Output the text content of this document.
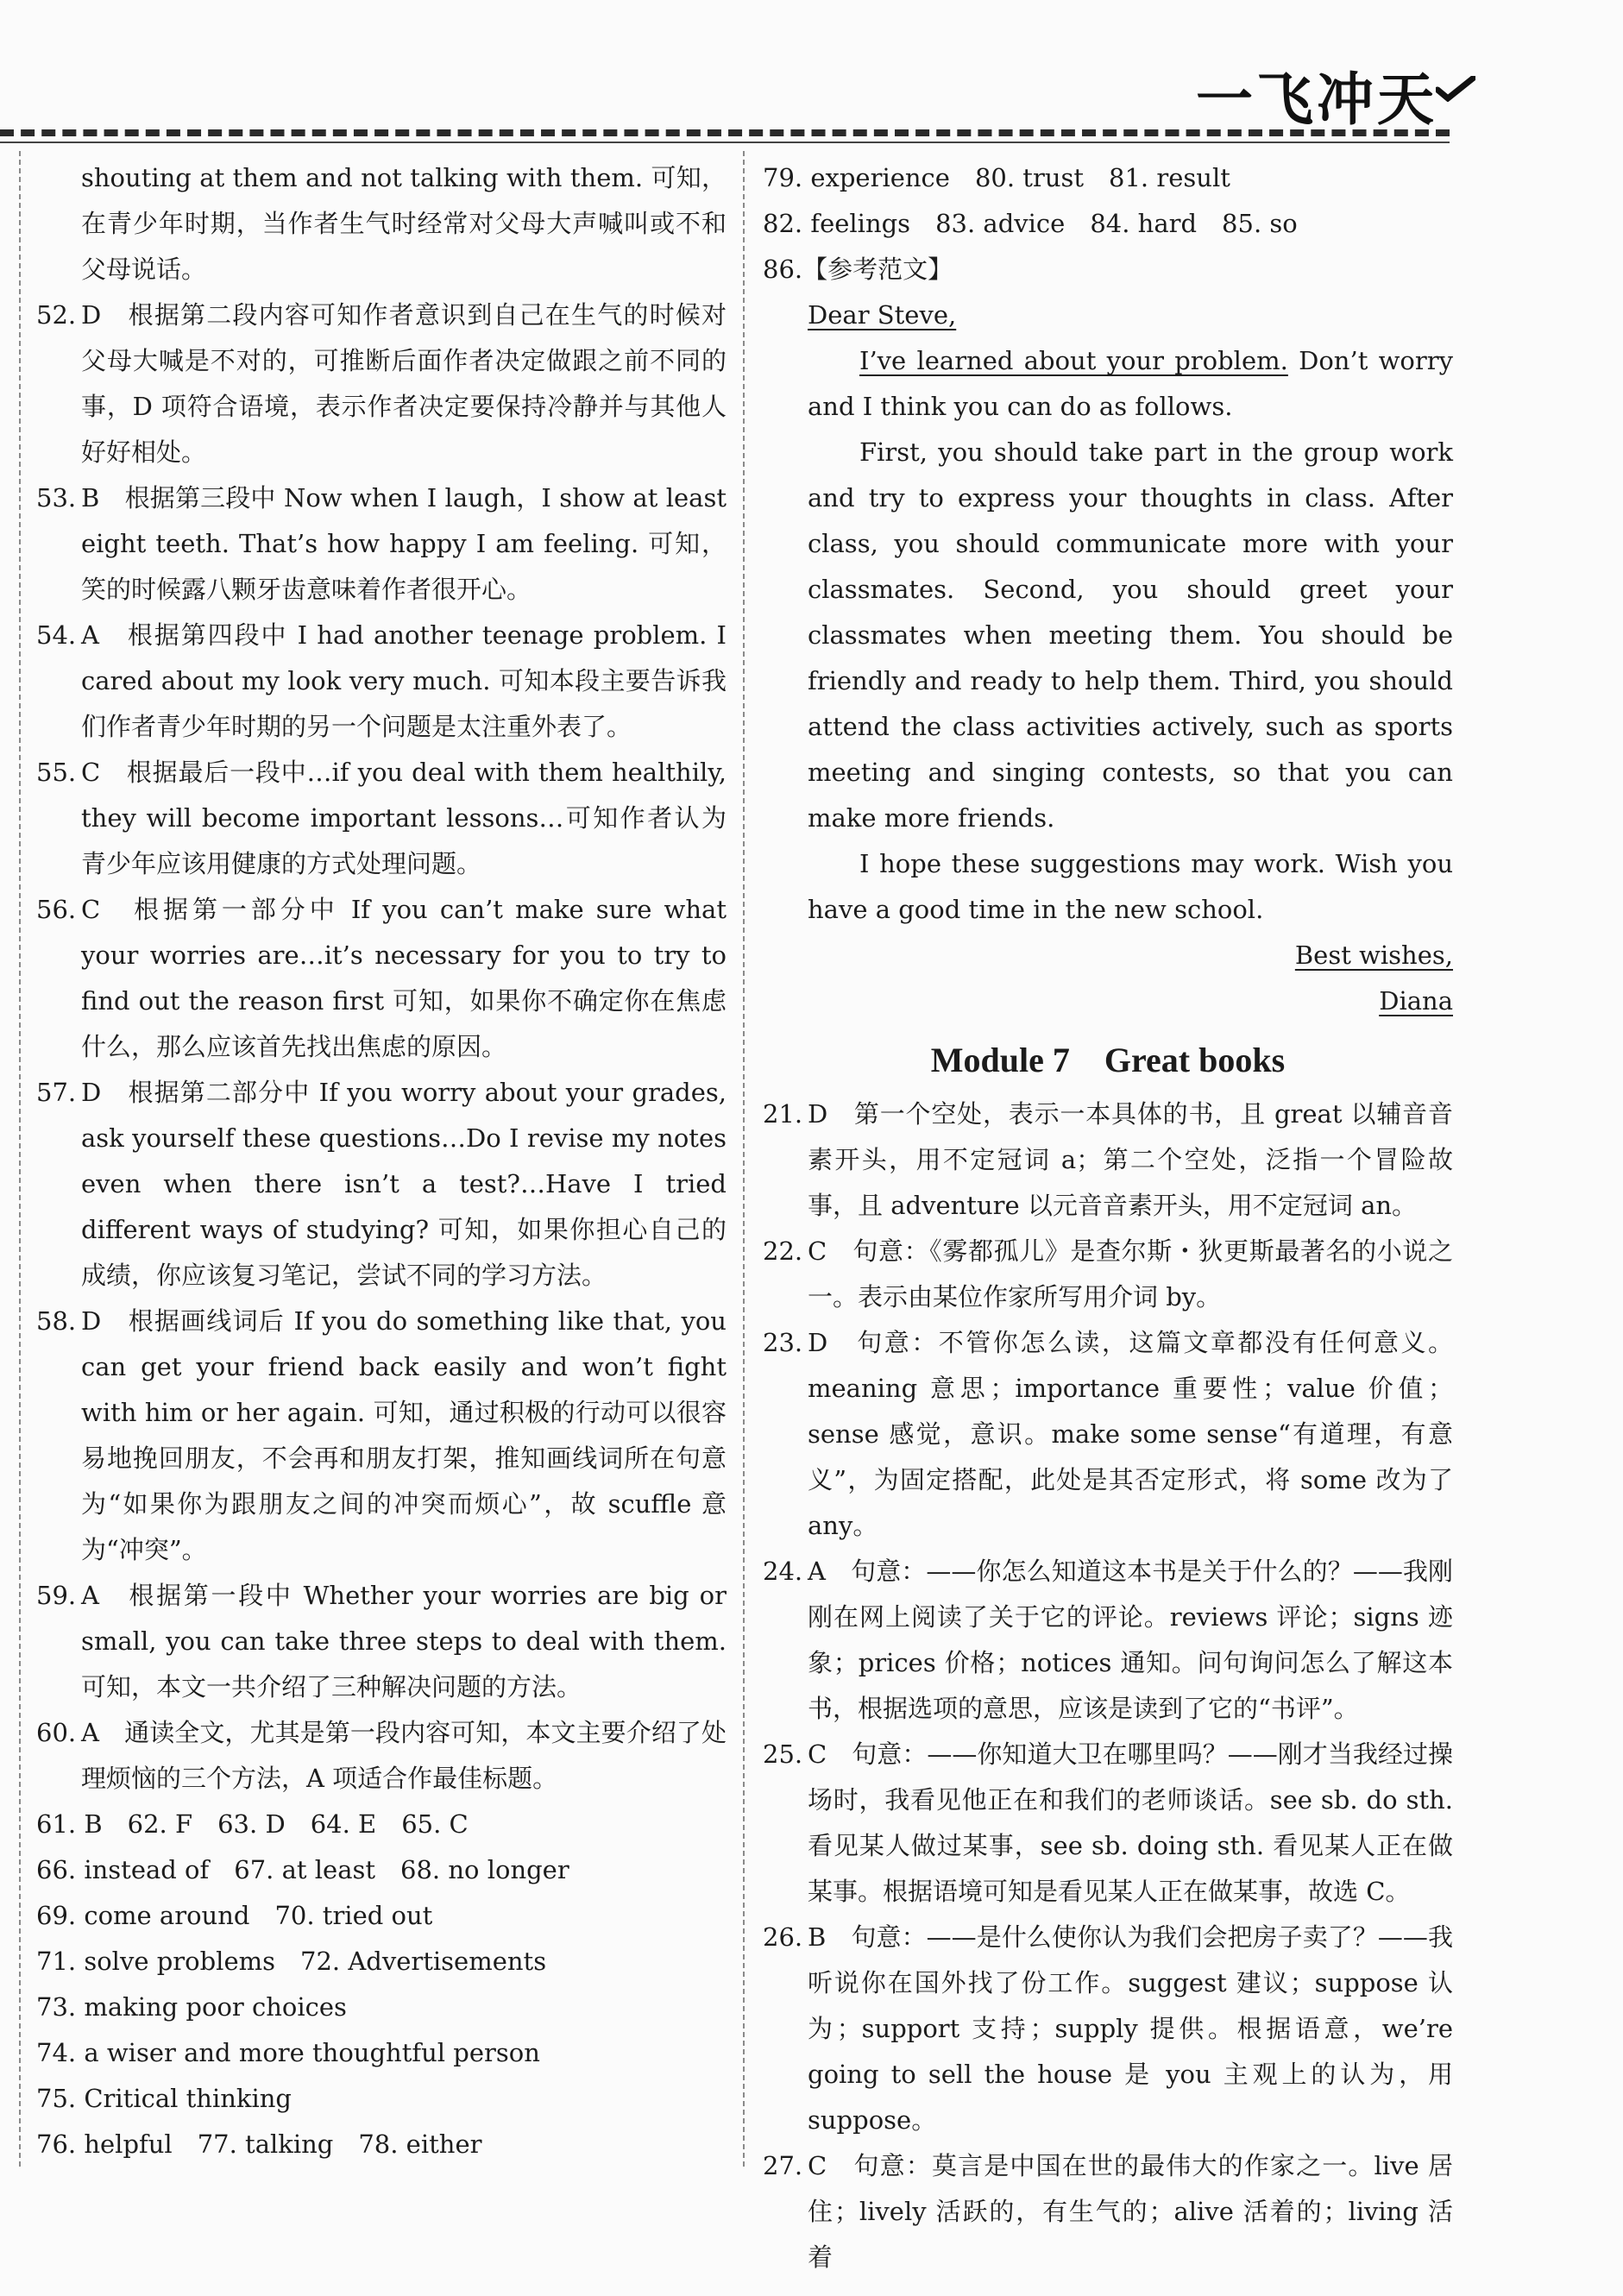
一飞冲天

shouting at them and not talking with them. 可知，在青少年时期，当作者生气时经常对父母大声喊叫或不和父母说话。

52. D　根据第二段内容可知作者意识到自己在生气的时候对父母大喊是不对的，可推断后面作者决定做跟之前不同的事，D 项符合语境，表示作者决定要保持冷静并与其他人好好相处。

53. B　根据第三段中 Now when I laugh，I show at least eight teeth. That’s how happy I am feeling. 可知，笑的时候露八颗牙齿意味着作者很开心。

54. A　根据第四段中 I had another teenage problem. I cared about my look very much. 可知本段主要告诉我们作者青少年时期的另一个问题是太注重外表了。

55. C　根据最后一段中…if you deal with them healthily, they will become important lessons…可知作者认为青少年应该用健康的方式处理问题。

56. C　根据第一部分中 If you can’t make sure what your worries are…it’s necessary for you to try to find out the reason first 可知，如果你不确定你在焦虑什么，那么应该首先找出焦虑的原因。

57. D　根据第二部分中 If you worry about your grades, ask yourself these questions…Do I revise my notes even when there isn’t a test?…Have I tried different ways of studying? 可知，如果你担心自己的成绩，你应该复习笔记，尝试不同的学习方法。

58. D　根据画线词后 If you do something like that, you can get your friend back easily and won’t fight with him or her again. 可知，通过积极的行动可以很容易地挽回朋友，不会再和朋友打架，推知画线词所在句意为“如果你为跟朋友之间的冲突而烦心”，故 scuffle 意为“冲突”。

59. A　根据第一段中 Whether your worries are big or small, you can take three steps to deal with them. 可知，本文一共介绍了三种解决问题的方法。

60. A　通读全文，尤其是第一段内容可知，本文主要介绍了处理烦恼的三个方法，A 项适合作最佳标题。

61. B　62. F　63. D　64. E　65. C
66. instead of　67. at least　68. no longer
69. come around　70. tried out
71. solve problems　72. Advertisements
73. making poor choices
74. a wiser and more thoughtful person
75. Critical thinking
76. helpful　77. talking　78. either
79. experience　80. trust　81. result
82. feelings　83. advice　84. hard　85. so
86.【参考范文】
Dear Steve,

I’ve learned about your problem. Don’t worry and I think you can do as follows.

First, you should take part in the group work and try to express your thoughts in class. After class, you should communicate more with your classmates. Second, you should greet your classmates when meeting them. You should be friendly and ready to help them. Third, you should attend the class activities actively, such as sports meeting and singing contests, so that you can make more friends.

I hope these suggestions may work. Wish you have a good time in the new school.

Best wishes,
Diana
Module 7　Great books

21. D　第一个空处，表示一本具体的书，且 great 以辅音音素开头，用不定冠词 a；第二个空处，泛指一个冒险故事，且 adventure 以元音音素开头，用不定冠词 an。

22. C　句意：《雾都孤儿》是查尔斯・狄更斯最著名的小说之一。表示由某位作家所写用介词 by。

23. D　句意：不管你怎么读，这篇文章都没有任何意义。meaning 意思；importance 重要性；value 价值；sense 感觉，意识。make some sense“有道理，有意义”，为固定搭配，此处是其否定形式，将 some 改为了 any。

24. A　句意：——你怎么知道这本书是关于什么的？——我刚刚在网上阅读了关于它的评论。reviews 评论；signs 迹象；prices 价格；notices 通知。问句询问怎么了解这本书，根据选项的意思，应该是读到了它的“书评”。

25. C　句意：——你知道大卫在哪里吗？——刚才当我经过操场时，我看见他正在和我们的老师谈话。see sb. do sth. 看见某人做过某事，see sb. doing sth. 看见某人正在做某事。根据语境可知是看见某人正在做某事，故选 C。

26. B　句意：——是什么使你认为我们会把房子卖了？——我听说你在国外找了份工作。suggest 建议；suppose 认为；support 支持；supply 提供。根据语意，we’re going to sell the house 是 you 主观上的认为，用 suppose。

27. C　句意：莫言是中国在世的最伟大的作家之一。live 居住；lively 活跃的，有生气的；alive 活着的；living 活着
